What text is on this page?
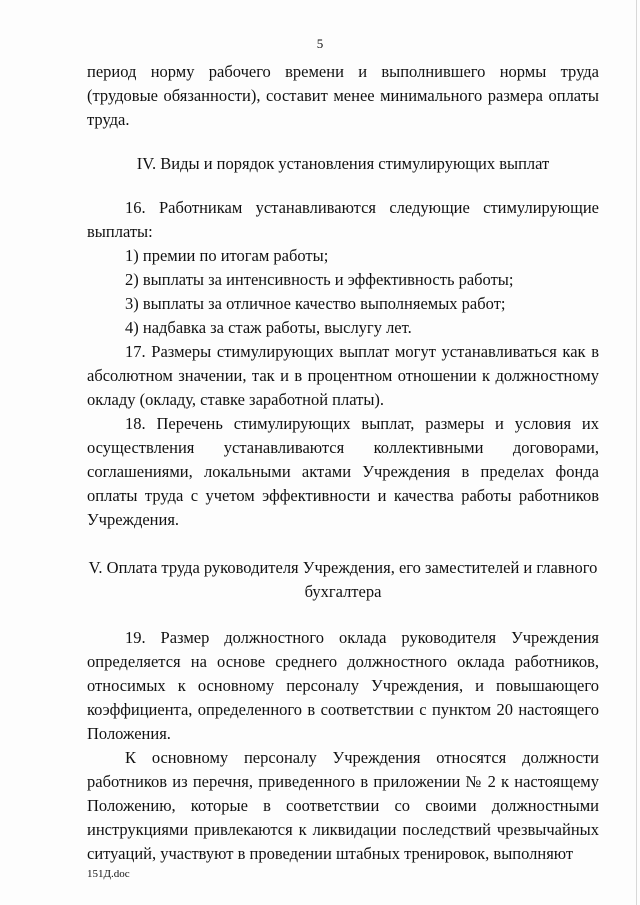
5

период норму рабочего времени и выполнившего нормы труда (трудовые обязанности), составит менее минимального размера оплаты труда.

IV. Виды и порядок установления стимулирующих выплат

16. Работникам устанавливаются следующие стимулирующие выплаты:

1) премии по итогам работы;

2) выплаты за интенсивность и эффективность работы;

3) выплаты за отличное качество выполняемых работ;

4) надбавка за стаж работы, выслугу лет.

17. Размеры стимулирующих выплат могут устанавливаться как в абсолютном значении, так и в процентном отношении к должностному окладу (окладу, ставке заработной платы).

18. Перечень стимулирующих выплат, размеры и условия их осуществления устанавливаются коллективными договорами, соглашениями, локальными актами Учреждения в пределах фонда оплаты труда с учетом эффективности и качества работы работников Учреждения.

V. Оплата труда руководителя Учреждения, его заместителей и главного бухгалтера

19. Размер должностного оклада руководителя Учреждения определяется на основе среднего должностного оклада работников, относимых к основному персоналу Учреждения, и повышающего коэффициента, определенного в соответствии с пунктом 20 настоящего Положения.

К основному персоналу Учреждения относятся должности работников из перечня, приведенного в приложении № 2 к настоящему Положению, которые в соответствии со своими должностными инструкциями привлекаются к ликвидации последствий чрезвычайных ситуаций, участвуют в проведении штабных тренировок, выполняют

151Д.doc
